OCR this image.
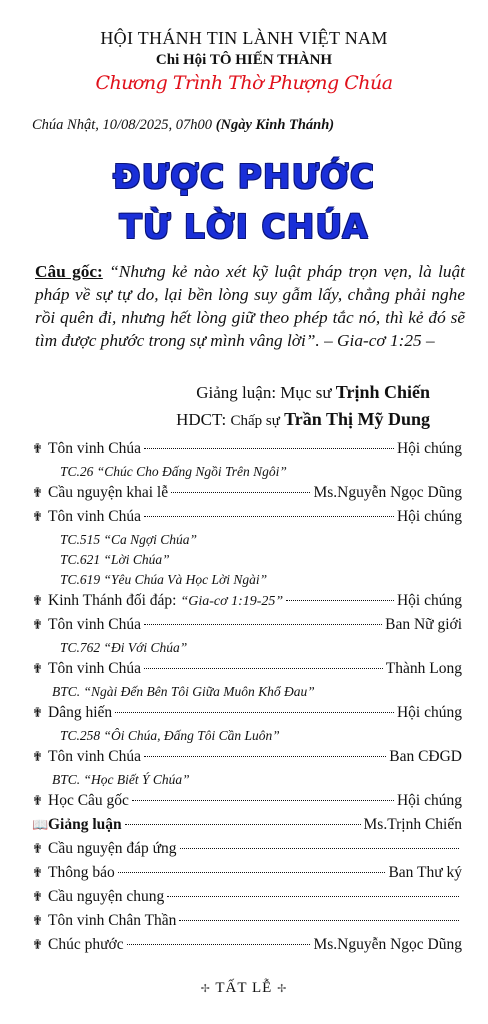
HỘI THÁNH TIN LÀNH VIỆT NAM
Chi Hội TÔ HIẾN THÀNH
Chương Trình Thờ Phượng Chúa
Chúa Nhật, 10/08/2025, 07h00 (Ngày Kinh Thánh)
ĐƯỢC PHƯỚC
TỪ LỜI CHÚA
Câu gốc: “Nhưng kẻ nào xét kỹ luật pháp trọn vẹn, là luật pháp về sự tự do, lại bền lòng suy gẫm lấy, chẳng phải nghe rồi quên đi, nhưng hết lòng giữ theo phép tắc nó, thì kẻ đó sẽ tìm được phước trong sự mình vâng lời”. – Gia-cơ 1:25 –
Giảng luận: Mục sư Trịnh Chiến
HDCT: Chấp sự Trần Thị Mỹ Dung
✟ Tôn vinh Chúa	Hội chúng
TC.26 “Chúc Cho Đấng Ngồi Trên Ngôi”
✟ Cầu nguyện khai lễ	Ms.Nguyễn Ngọc Dũng
✟ Tôn vinh Chúa	Hội chúng
TC.515 “Ca Ngợi Chúa”
TC.621 “Lời Chúa”
TC.619 “Yêu Chúa Và Học Lời Ngài”
✟ Kinh Thánh đối đáp: “Gia-cơ 1:19-25”	Hội chúng
✟ Tôn vinh Chúa	Ban Nữ giới
TC.762 “Đi Với Chúa”
✟ Tôn vinh Chúa	Thành Long
BTC. “Ngài Đến Bên Tôi Giữa Muôn Khổ Đau”
✟ Dâng hiến	Hội chúng
TC.258 “Ôi Chúa, Đấng Tôi Cần Luôn”
✟ Tôn vinh Chúa	Ban CĐGD
BTC. “Học Biết Ý Chúa”
✟ Học Câu gốc	Hội chúng
📖 Giảng luận	Ms.Trịnh Chiến
✟ Cầu nguyện đáp ứng
✟ Thông báo	Ban Thư ký
✟ Cầu nguyện chung
✟ Tôn vinh Chân Thần
✟ Chúc phước	Ms.Nguyễn Ngọc Dũng
✢ TẤT LỄ ✢
